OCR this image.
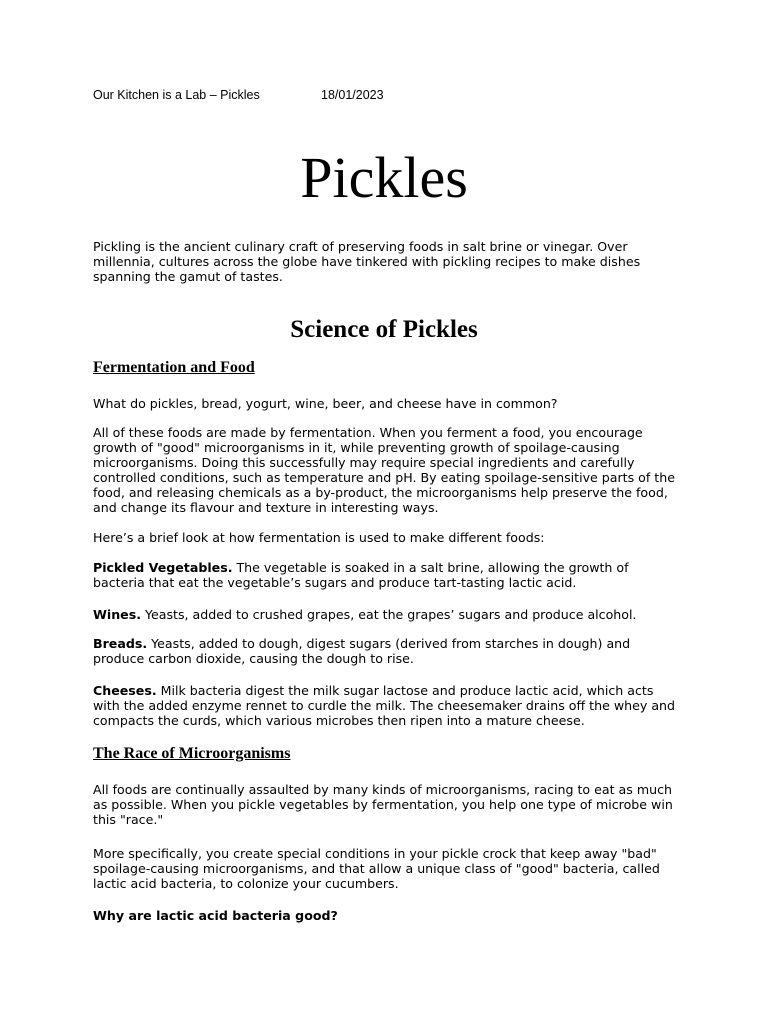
Our Kitchen is a Lab – Pickles	18/01/2023
Pickles

Pickling is the ancient culinary craft of preserving foods in salt brine or vinegar. Over millennia, cultures across the globe have tinkered with pickling recipes to make dishes spanning the gamut of tastes.

Science of Pickles
Fermentation and Food

What do pickles, bread, yogurt, wine, beer, and cheese have in common?

All of these foods are made by fermentation. When you ferment a food, you encourage growth of "good" microorganisms in it, while preventing growth of spoilage-causing microorganisms. Doing this successfully may require special ingredients and carefully controlled conditions, such as temperature and pH. By eating spoilage-sensitive parts of the food, and releasing chemicals as a by-product, the microorganisms help preserve the food, and change its flavour and texture in interesting ways.

Here’s a brief look at how fermentation is used to make different foods:

Pickled Vegetables. The vegetable is soaked in a salt brine, allowing the growth of bacteria that eat the vegetable’s sugars and produce tart-tasting lactic acid.

Wines. Yeasts, added to crushed grapes, eat the grapes’ sugars and produce alcohol.

Breads. Yeasts, added to dough, digest sugars (derived from starches in dough) and produce carbon dioxide, causing the dough to rise.

Cheeses. Milk bacteria digest the milk sugar lactose and produce lactic acid, which acts with the added enzyme rennet to curdle the milk. The cheesemaker drains off the whey and compacts the curds, which various microbes then ripen into a mature cheese.

The Race of Microorganisms

All foods are continually assaulted by many kinds of microorganisms, racing to eat as much as possible. When you pickle vegetables by fermentation, you help one type of microbe win this "race."

More specifically, you create special conditions in your pickle crock that keep away "bad" spoilage-causing microorganisms, and that allow a unique class of "good" bacteria, called lactic acid bacteria, to colonize your cucumbers.

Why are lactic acid bacteria good?
